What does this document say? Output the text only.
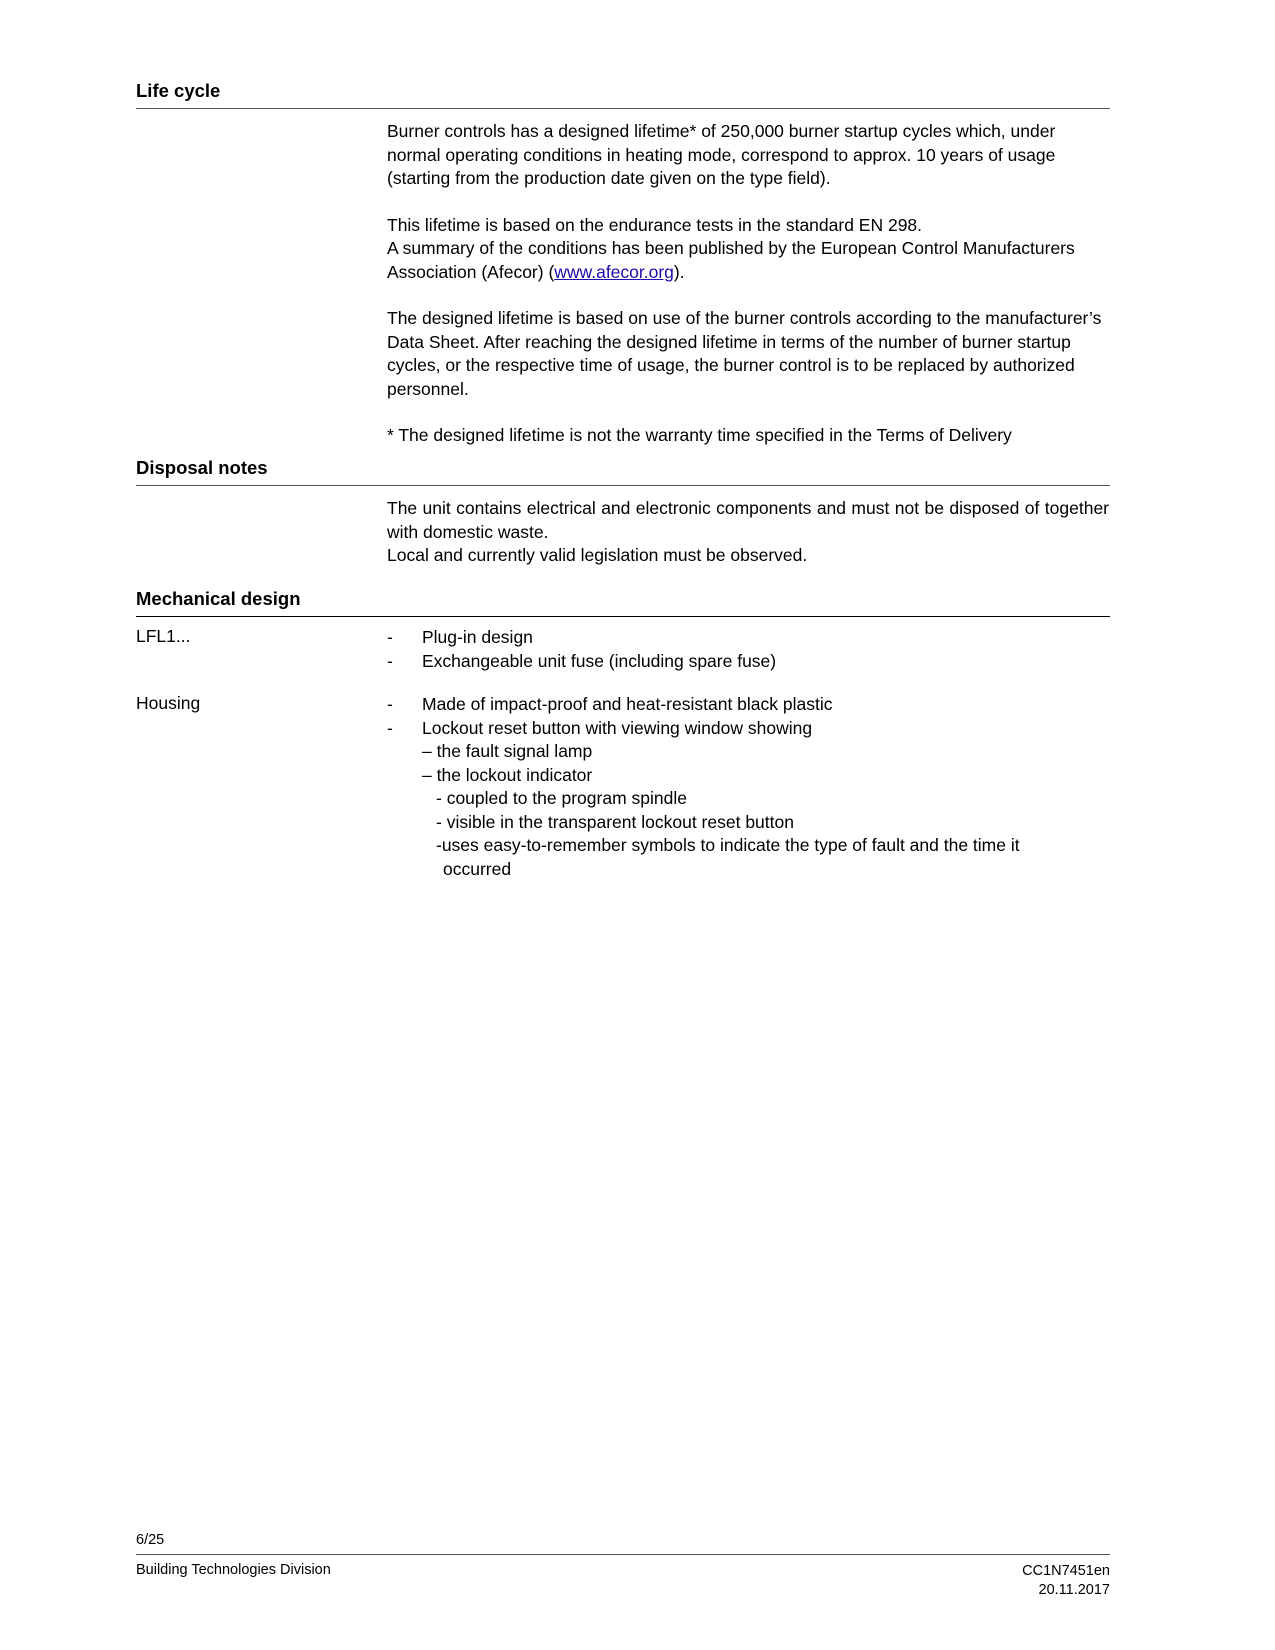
Life cycle

Burner controls has a designed lifetime* of 250,000 burner startup cycles which, under normal operating conditions in heating mode, correspond to approx. 10 years of usage (starting from the production date given on the type field).

This lifetime is based on the endurance tests in the standard EN 298.
A summary of the conditions has been published by the European Control Manufacturers Association (Afecor) (www.afecor.org).

The designed lifetime is based on use of the burner controls according to the manufacturer’s Data Sheet. After reaching the designed lifetime in terms of the number of burner startup cycles, or the respective time of usage, the burner control is to be replaced by authorized personnel.

* The designed lifetime is not the warranty time specified in the Terms of Delivery

Disposal notes
The unit contains electrical and electronic components and must not be disposed of together with domestic waste.
Local and currently valid legislation must be observed.
Mechanical design
LFL1...	- Plug-in design
- Exchangeable unit fuse (including spare fuse)
Housing	- Made of impact-proof and heat-resistant black plastic
- Lockout reset button with viewing window showing
– the fault signal lamp
– the lockout indicator
- coupled to the program spindle
- visible in the transparent lockout reset button
-uses easy-to-remember symbols to indicate the type of fault and the time it
occurred
6/25
Building Technologies Division	CC1N7451en
20.11.2017
